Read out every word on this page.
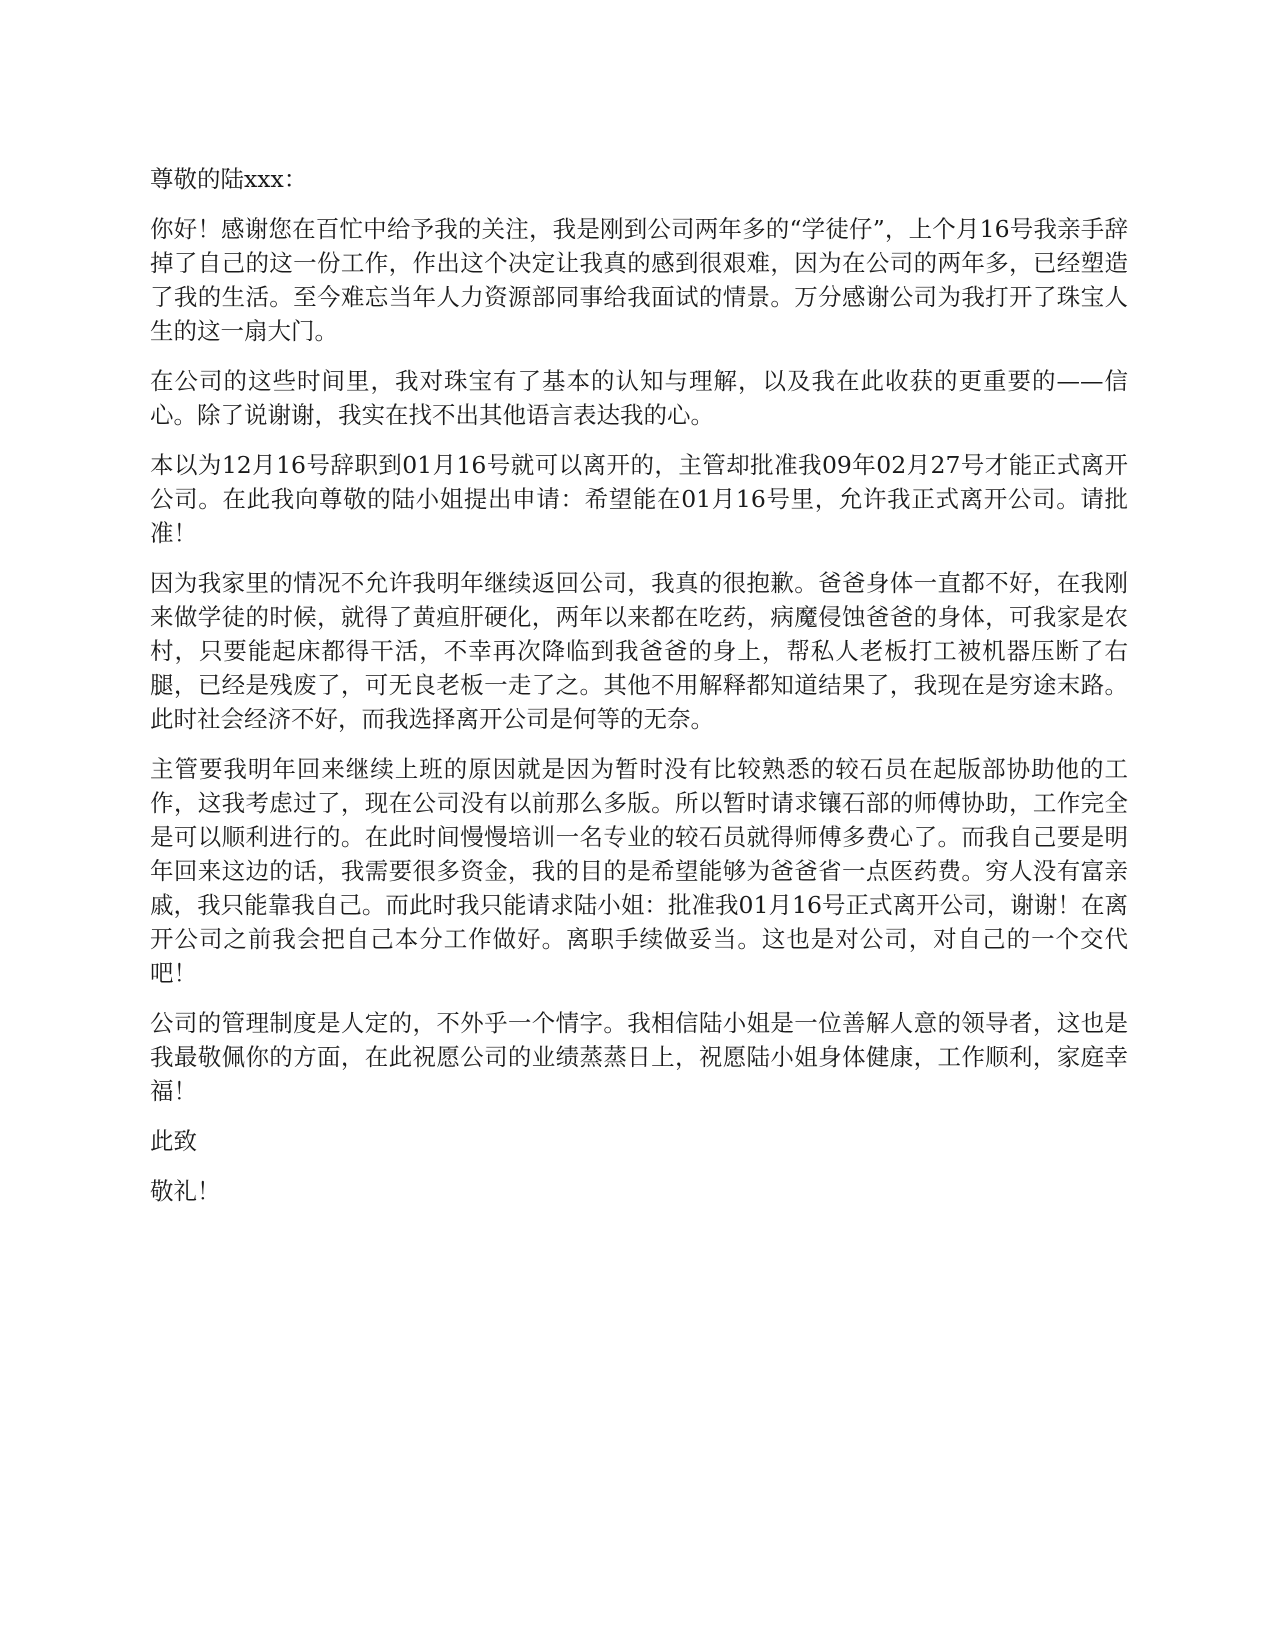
尊敬的陆xxx：

你好！感谢您在百忙中给予我的关注，我是刚到公司两年多的“学徒仔”，上个月16号我亲手辞掉了自己的这一份工作，作出这个决定让我真的感到很艰难，因为在公司的两年多，已经塑造了我的生活。至今难忘当年人力资源部同事给我面试的情景。万分感谢公司为我打开了珠宝人生的这一扇大门。

在公司的这些时间里，我对珠宝有了基本的认知与理解，以及我在此收获的更重要的——信心。除了说谢谢，我实在找不出其他语言表达我的心。

本以为12月16号辞职到01月16号就可以离开的，主管却批准我09年02月27号才能正式离开公司。在此我向尊敬的陆小姐提出申请：希望能在01月16号里，允许我正式离开公司。请批准！

因为我家里的情况不允许我明年继续返回公司，我真的很抱歉。爸爸身体一直都不好，在我刚来做学徒的时候，就得了黄疸肝硬化，两年以来都在吃药，病魔侵蚀爸爸的身体，可我家是农村，只要能起床都得干活，不幸再次降临到我爸爸的身上，帮私人老板打工被机器压断了右腿，已经是残废了，可无良老板一走了之。其他不用解释都知道结果了，我现在是穷途末路。此时社会经济不好，而我选择离开公司是何等的无奈。

主管要我明年回来继续上班的原因就是因为暂时没有比较熟悉的较石员在起版部协助他的工作，这我考虑过了，现在公司没有以前那么多版。所以暂时请求镶石部的师傅协助，工作完全是可以顺利进行的。在此时间慢慢培训一名专业的较石员就得师傅多费心了。而我自己要是明年回来这边的话，我需要很多资金，我的目的是希望能够为爸爸省一点医药费。穷人没有富亲戚，我只能靠我自己。而此时我只能请求陆小姐：批准我01月16号正式离开公司，谢谢！在离开公司之前我会把自己本分工作做好。离职手续做妥当。这也是对公司，对自己的一个交代吧！

公司的管理制度是人定的，不外乎一个情字。我相信陆小姐是一位善解人意的领导者，这也是我最敬佩你的方面，在此祝愿公司的业绩蒸蒸日上，祝愿陆小姐身体健康，工作顺利，家庭幸福！

此致

敬礼！
